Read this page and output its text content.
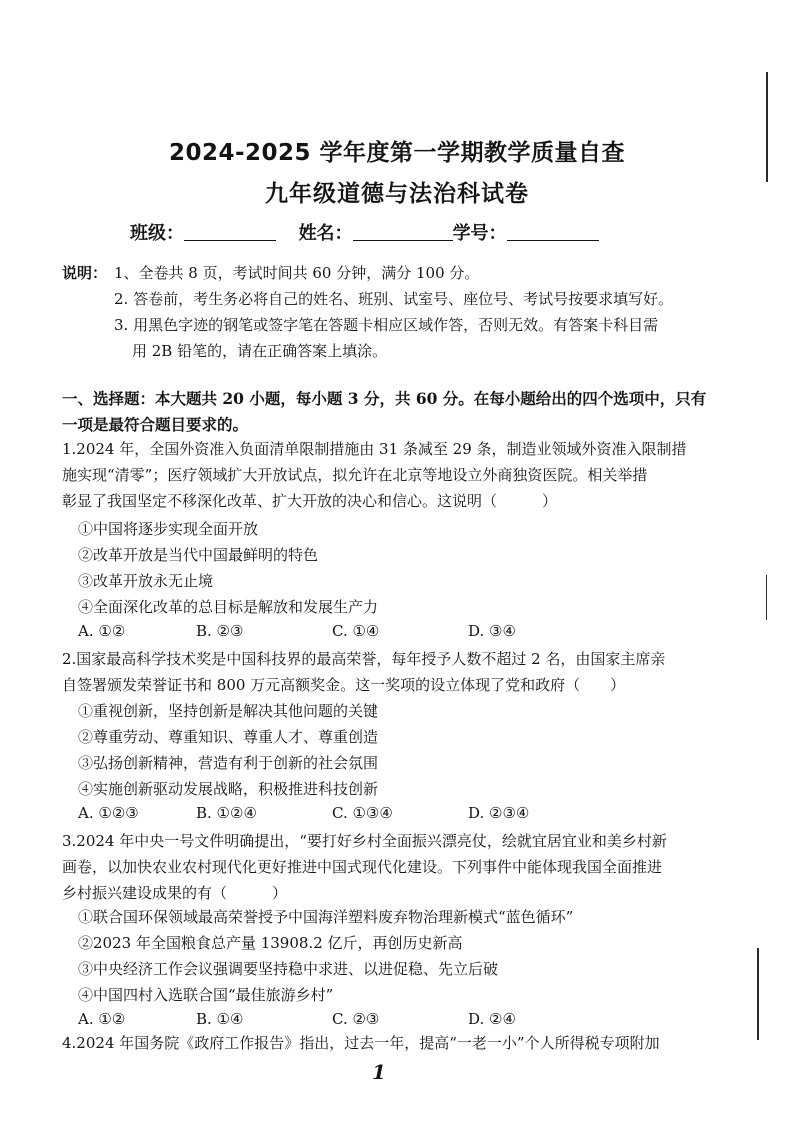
2024-2025 学年度第一学期教学质量自查
九年级道德与法治科试卷
班级：	姓名：	学号：
说明： 1、全卷共 8 页，考试时间共 60 分钟，满分 100 分。
2. 答卷前，考生务必将自己的姓名、班别、试室号、座位号、考试号按要求填写好。
3. 用黑色字迹的钢笔或签字笔在答题卡相应区域作答，否则无效。有答案卡科目需
用 2B 铅笔的，请在正确答案上填涂。
一、选择题：本大题共 20 小题，每小题 3 分，共 60 分。在每小题给出的四个选项中，只有
一项是最符合题目要求的。
1.2024 年，全国外资准入负面清单限制措施由 31 条减至 29 条，制造业领域外资准入限制措
施实现“清零”；医疗领域扩大开放试点，拟允许在北京等地设立外商独资医院。相关举措
彰显了我国坚定不移深化改革、扩大开放的决心和信心。这说明（　　　）
①中国将逐步实现全面开放
②改革开放是当代中国最鲜明的特色
③改革开放永无止境
④全面深化改革的总目标是解放和发展生产力
A. ①②	B. ②③	C. ①④	D. ③④
2.国家最高科学技术奖是中国科技界的最高荣誉，每年授予人数不超过 2 名，由国家主席亲
自签署颁发荣誉证书和 800 万元高额奖金。这一奖项的设立体现了党和政府（　　）
①重视创新，坚持创新是解决其他问题的关键
②尊重劳动、尊重知识、尊重人才、尊重创造
③弘扬创新精神，营造有利于创新的社会氛围
④实施创新驱动发展战略，积极推进科技创新
A. ①②③	B. ①②④	C. ①③④	D. ②③④
3.2024 年中央一号文件明确提出，“要打好乡村全面振兴漂亮仗，绘就宜居宜业和美乡村新
画卷，以加快农业农村现代化更好推进中国式现代化建设。下列事件中能体现我国全面推进
乡村振兴建设成果的有（　　　）
①联合国环保领域最高荣誉授予中国海洋塑料废弃物治理新模式“蓝色循环”
②2023 年全国粮食总产量 13908.2 亿斤，再创历史新高
③中央经济工作会议强调要坚持稳中求进、以进促稳、先立后破
④中国四村入选联合国“最佳旅游乡村”
A. ①②	B. ①④	C. ②③	D. ②④
4.2024 年国务院《政府工作报告》指出，过去一年，提高“一老一小”个人所得税专项附加
1
